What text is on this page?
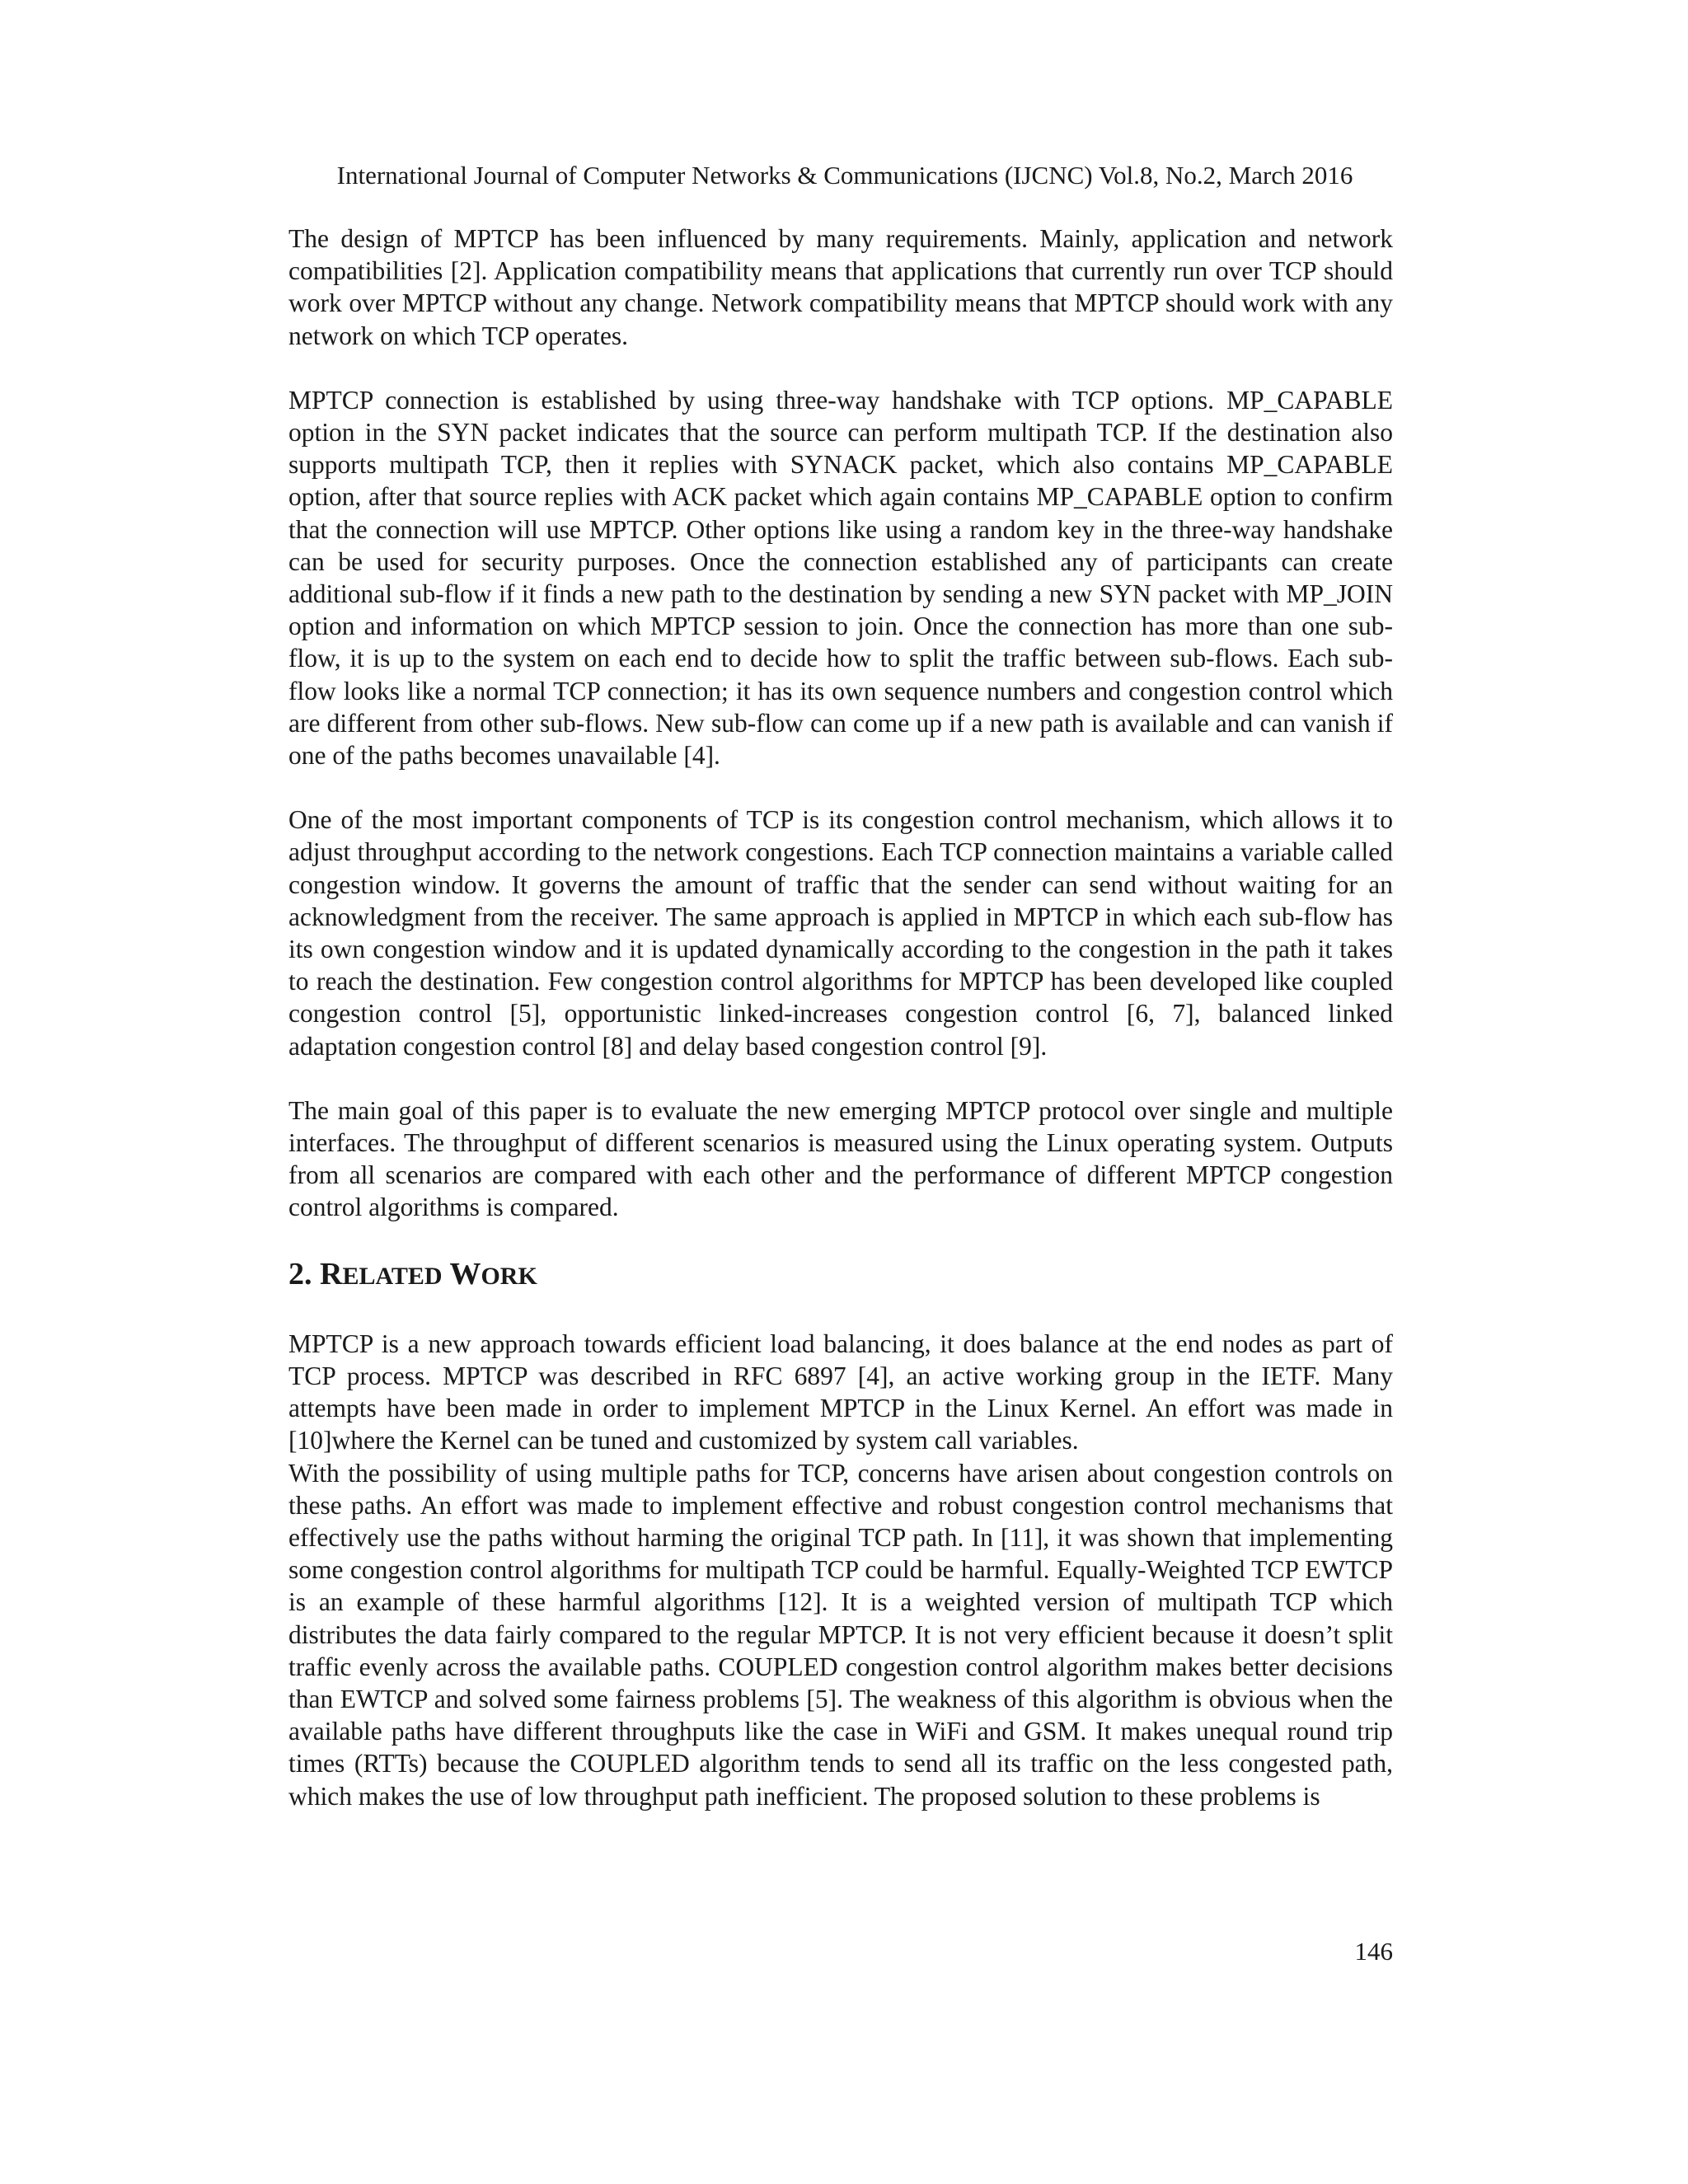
International Journal of Computer Networks & Communications (IJCNC) Vol.8, No.2, March 2016

The design of MPTCP has been influenced by many requirements. Mainly, application and network compatibilities [2]. Application compatibility means that applications that currently run over TCP should work over MPTCP without any change. Network compatibility means that MPTCP should work with any network on which TCP operates.

MPTCP connection is established by using three-way handshake with TCP options. MP_CAPABLE option in the SYN packet indicates that the source can perform multipath TCP. If the destination also supports multipath TCP, then it replies with SYNACK packet, which also contains MP_CAPABLE option, after that source replies with ACK packet which again contains MP_CAPABLE option to confirm that the connection will use MPTCP. Other options like using a random key in the three-way handshake can be used for security purposes. Once the connection established any of participants can create additional sub-flow if it finds a new path to the destination by sending a new SYN packet with MP_JOIN option and information on which MPTCP session to join. Once the connection has more than one sub-flow, it is up to the system on each end to decide how to split the traffic between sub-flows. Each sub-flow looks like a normal TCP connection; it has its own sequence numbers and congestion control which are different from other sub-flows. New sub-flow can come up if a new path is available and can vanish if one of the paths becomes unavailable [4].

One of the most important components of TCP is its congestion control mechanism, which allows it to adjust throughput according to the network congestions. Each TCP connection maintains a variable called congestion window. It governs the amount of traffic that the sender can send without waiting for an acknowledgment from the receiver. The same approach is applied in MPTCP in which each sub-flow has its own congestion window and it is updated dynamically according to the congestion in the path it takes to reach the destination. Few congestion control algorithms for MPTCP has been developed like coupled congestion control [5], opportunistic linked-increases congestion control [6, 7], balanced linked adaptation congestion control [8] and delay based congestion control [9].

The main goal of this paper is to evaluate the new emerging MPTCP protocol over single and multiple interfaces. The throughput of different scenarios is measured using the Linux operating system. Outputs from all scenarios are compared with each other and the performance of different MPTCP congestion control algorithms is compared.

2. RELATED WORK

MPTCP is a new approach towards efficient load balancing, it does balance at the end nodes as part of TCP process. MPTCP was described in RFC 6897 [4], an active working group in the IETF. Many attempts have been made in order to implement MPTCP in the Linux Kernel. An effort was made in [10]where the Kernel can be tuned and customized by system call variables.

With the possibility of using multiple paths for TCP, concerns have arisen about congestion controls on these paths. An effort was made to implement effective and robust congestion control mechanisms that effectively use the paths without harming the original TCP path. In [11], it was shown that implementing some congestion control algorithms for multipath TCP could be harmful. Equally-Weighted TCP EWTCP is an example of these harmful algorithms [12]. It is a weighted version of multipath TCP which distributes the data fairly compared to the regular MPTCP. It is not very efficient because it doesn’t split traffic evenly across the available paths. COUPLED congestion control algorithm makes better decisions than EWTCP and solved some fairness problems [5]. The weakness of this algorithm is obvious when the available paths have different throughputs like the case in WiFi and GSM. It makes unequal round trip times (RTTs) because the COUPLED algorithm tends to send all its traffic on the less congested path, which makes the use of low throughput path inefficient. The proposed solution to these problems is

146
